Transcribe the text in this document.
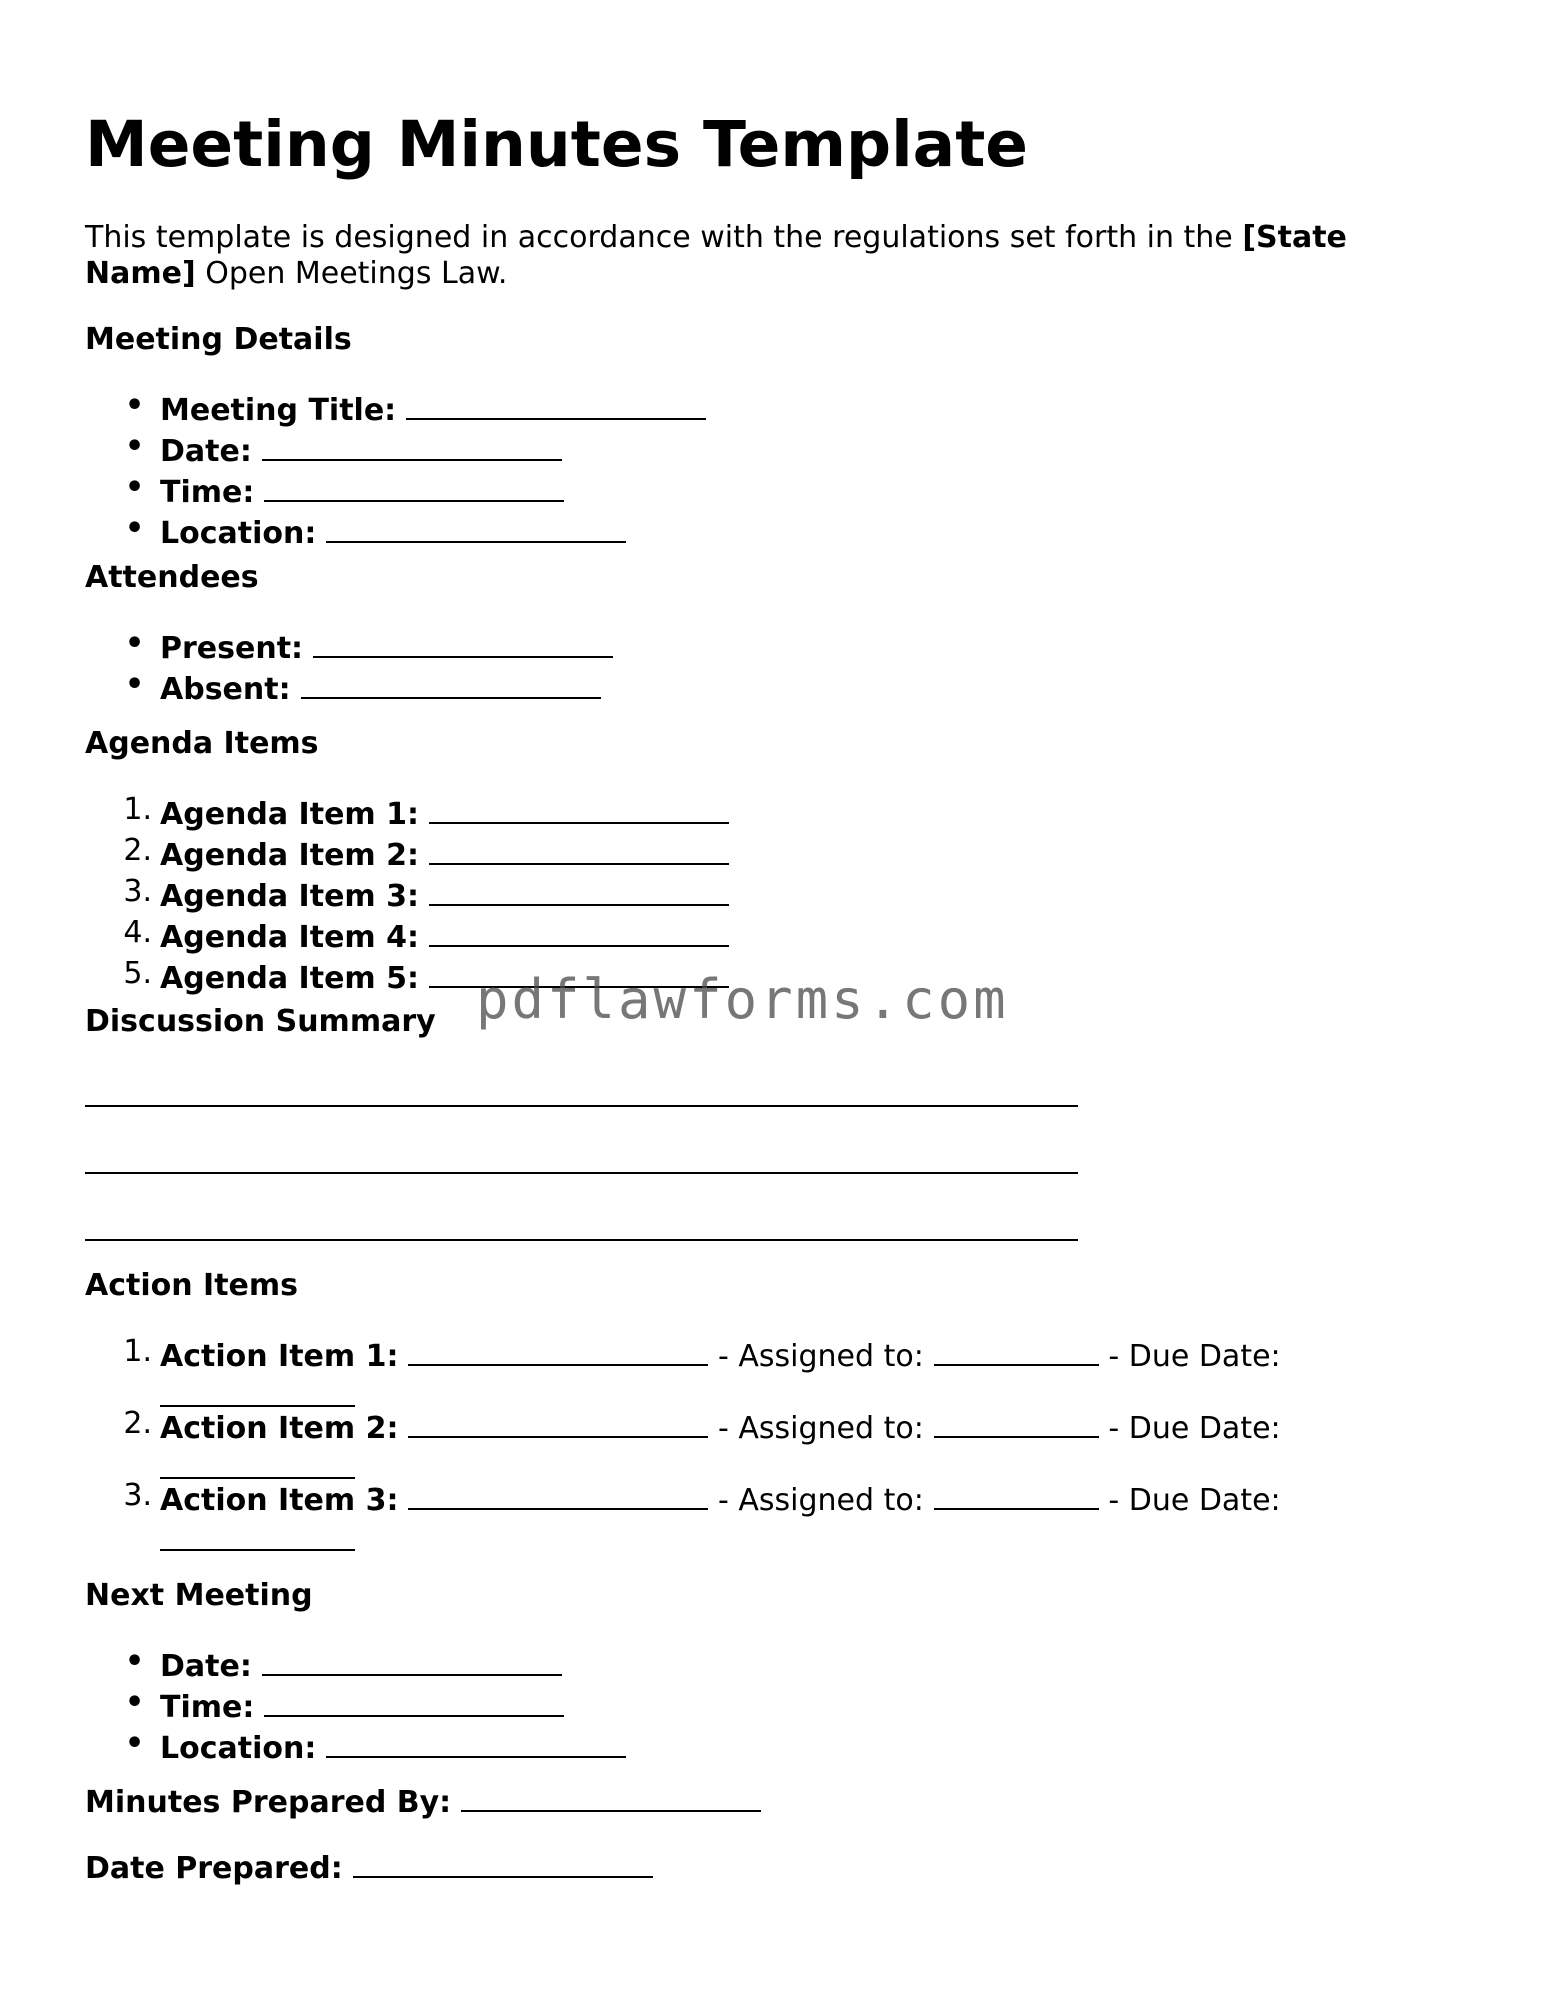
Meeting Minutes Template

This template is designed in accordance with the regulations set forth in the [State Name] Open Meetings Law.

Meeting Details
• Meeting Title:
• Date:
• Time:
• Location:
Attendees
• Present:
• Absent:
Agenda Items
1. Agenda Item 1:
2. Agenda Item 2:
3. Agenda Item 3:
4. Agenda Item 4:
5. Agenda Item 5:
Discussion Summary
Action Items
1. Action Item 1:	- Assigned to:	- Due Date:
2. Action Item 2:	- Assigned to:	- Due Date:
3. Action Item 3:	- Assigned to:	- Due Date:
Next Meeting
• Date:
• Time:
• Location:
Minutes Prepared By:
Date Prepared:
pdflawforms.com
